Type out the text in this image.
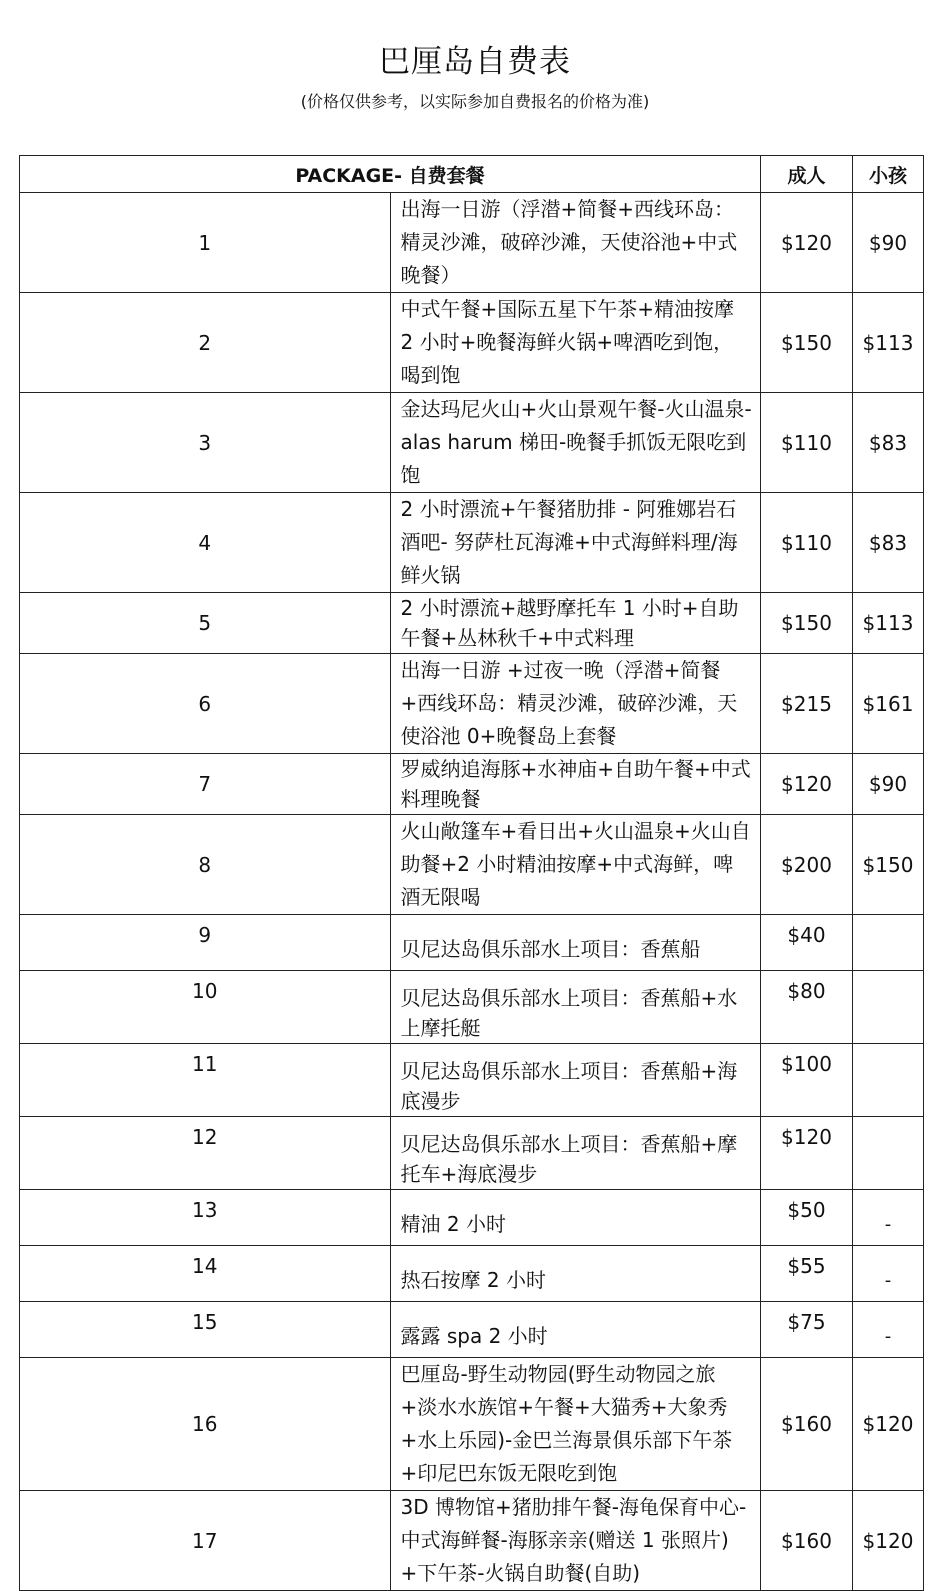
巴厘岛自费表
(价格仅供参考，以实际参加自费报名的价格为准)
PACKAGE- 自费套餐		成人	小孩
1	出海一日游（浮潜+简餐+西线环岛：精灵沙滩，破碎沙滩，天使浴池+中式晚餐）	$120	$90
2	中式午餐+国际五星下午茶+精油按摩 2 小时+晚餐海鲜火锅+啤酒吃到饱，喝到饱	$150	$113
3	金达玛尼火山+火山景观午餐-火山温泉-alas harum 梯田-晚餐手抓饭无限吃到饱	$110	$83
4	2 小时漂流+午餐猪肋排 - 阿雅娜岩石酒吧- 努萨杜瓦海滩+中式海鲜料理/海鲜火锅	$110	$83
5	2 小时漂流+越野摩托车 1 小时+自助午餐+丛林秋千+中式料理	$150	$113
6	出海一日游 +过夜一晚（浮潜+简餐+西线环岛：精灵沙滩，破碎沙滩，天使浴池 0+晚餐岛上套餐	$215	$161
7	罗威纳追海豚+水神庙+自助午餐+中式料理晚餐	$120	$90
8	火山敞篷车+看日出+火山温泉+火山自助餐+2 小时精油按摩+中式海鲜，啤酒无限喝	$200	$150
9	贝尼达岛俱乐部水上项目：香蕉船	$40	
10	贝尼达岛俱乐部水上项目：香蕉船+水上摩托艇	$80	
11	贝尼达岛俱乐部水上项目：香蕉船+海底漫步	$100	
12	贝尼达岛俱乐部水上项目：香蕉船+摩托车+海底漫步	$120	
13	精油 2 小时	$50	-
14	热石按摩 2 小时	$55	-
15	露露 spa 2 小时	$75	-
16	巴厘岛-野生动物园(野生动物园之旅+淡水水族馆+午餐+大猫秀+大象秀+水上乐园)-金巴兰海景俱乐部下午茶+印尼巴东饭无限吃到饱	$160	$120
17	3D 博物馆+猪肋排午餐-海龟保育中心-中式海鲜餐-海豚亲亲(赠送 1 张照片) +下午茶-火锅自助餐(自助)	$160	$120
